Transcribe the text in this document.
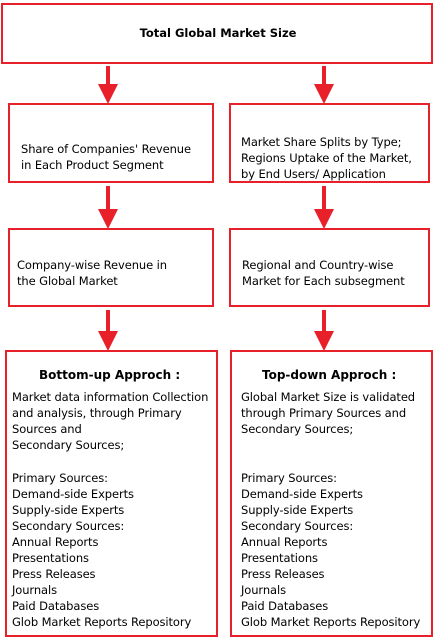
Total Global Market Size

Share of Companies' Revenue
in Each Product Segment

Market Share Splits by Type;
Regions Uptake of the Market,
by End Users/ Application

Company-wise Revenue in
the Global Market

Regional and Country-wise
Market for Each subsegment

Bottom-up Approch :
Market data information Collection
and analysis, through Primary
Sources and
Secondary Sources;
Primary Sources:
Demand-side Experts
Supply-side Experts
Secondary Sources:
Annual Reports
Presentations
Press Releases
Journals
Paid Databases
Glob Market Reports Repository
Top-down Approch :
Global Market Size is validated
through Primary Sources and
Secondary Sources;
Primary Sources:
Demand-side Experts
Supply-side Experts
Secondary Sources:
Annual Reports
Presentations
Press Releases
Journals
Paid Databases
Glob Market Reports Repository
